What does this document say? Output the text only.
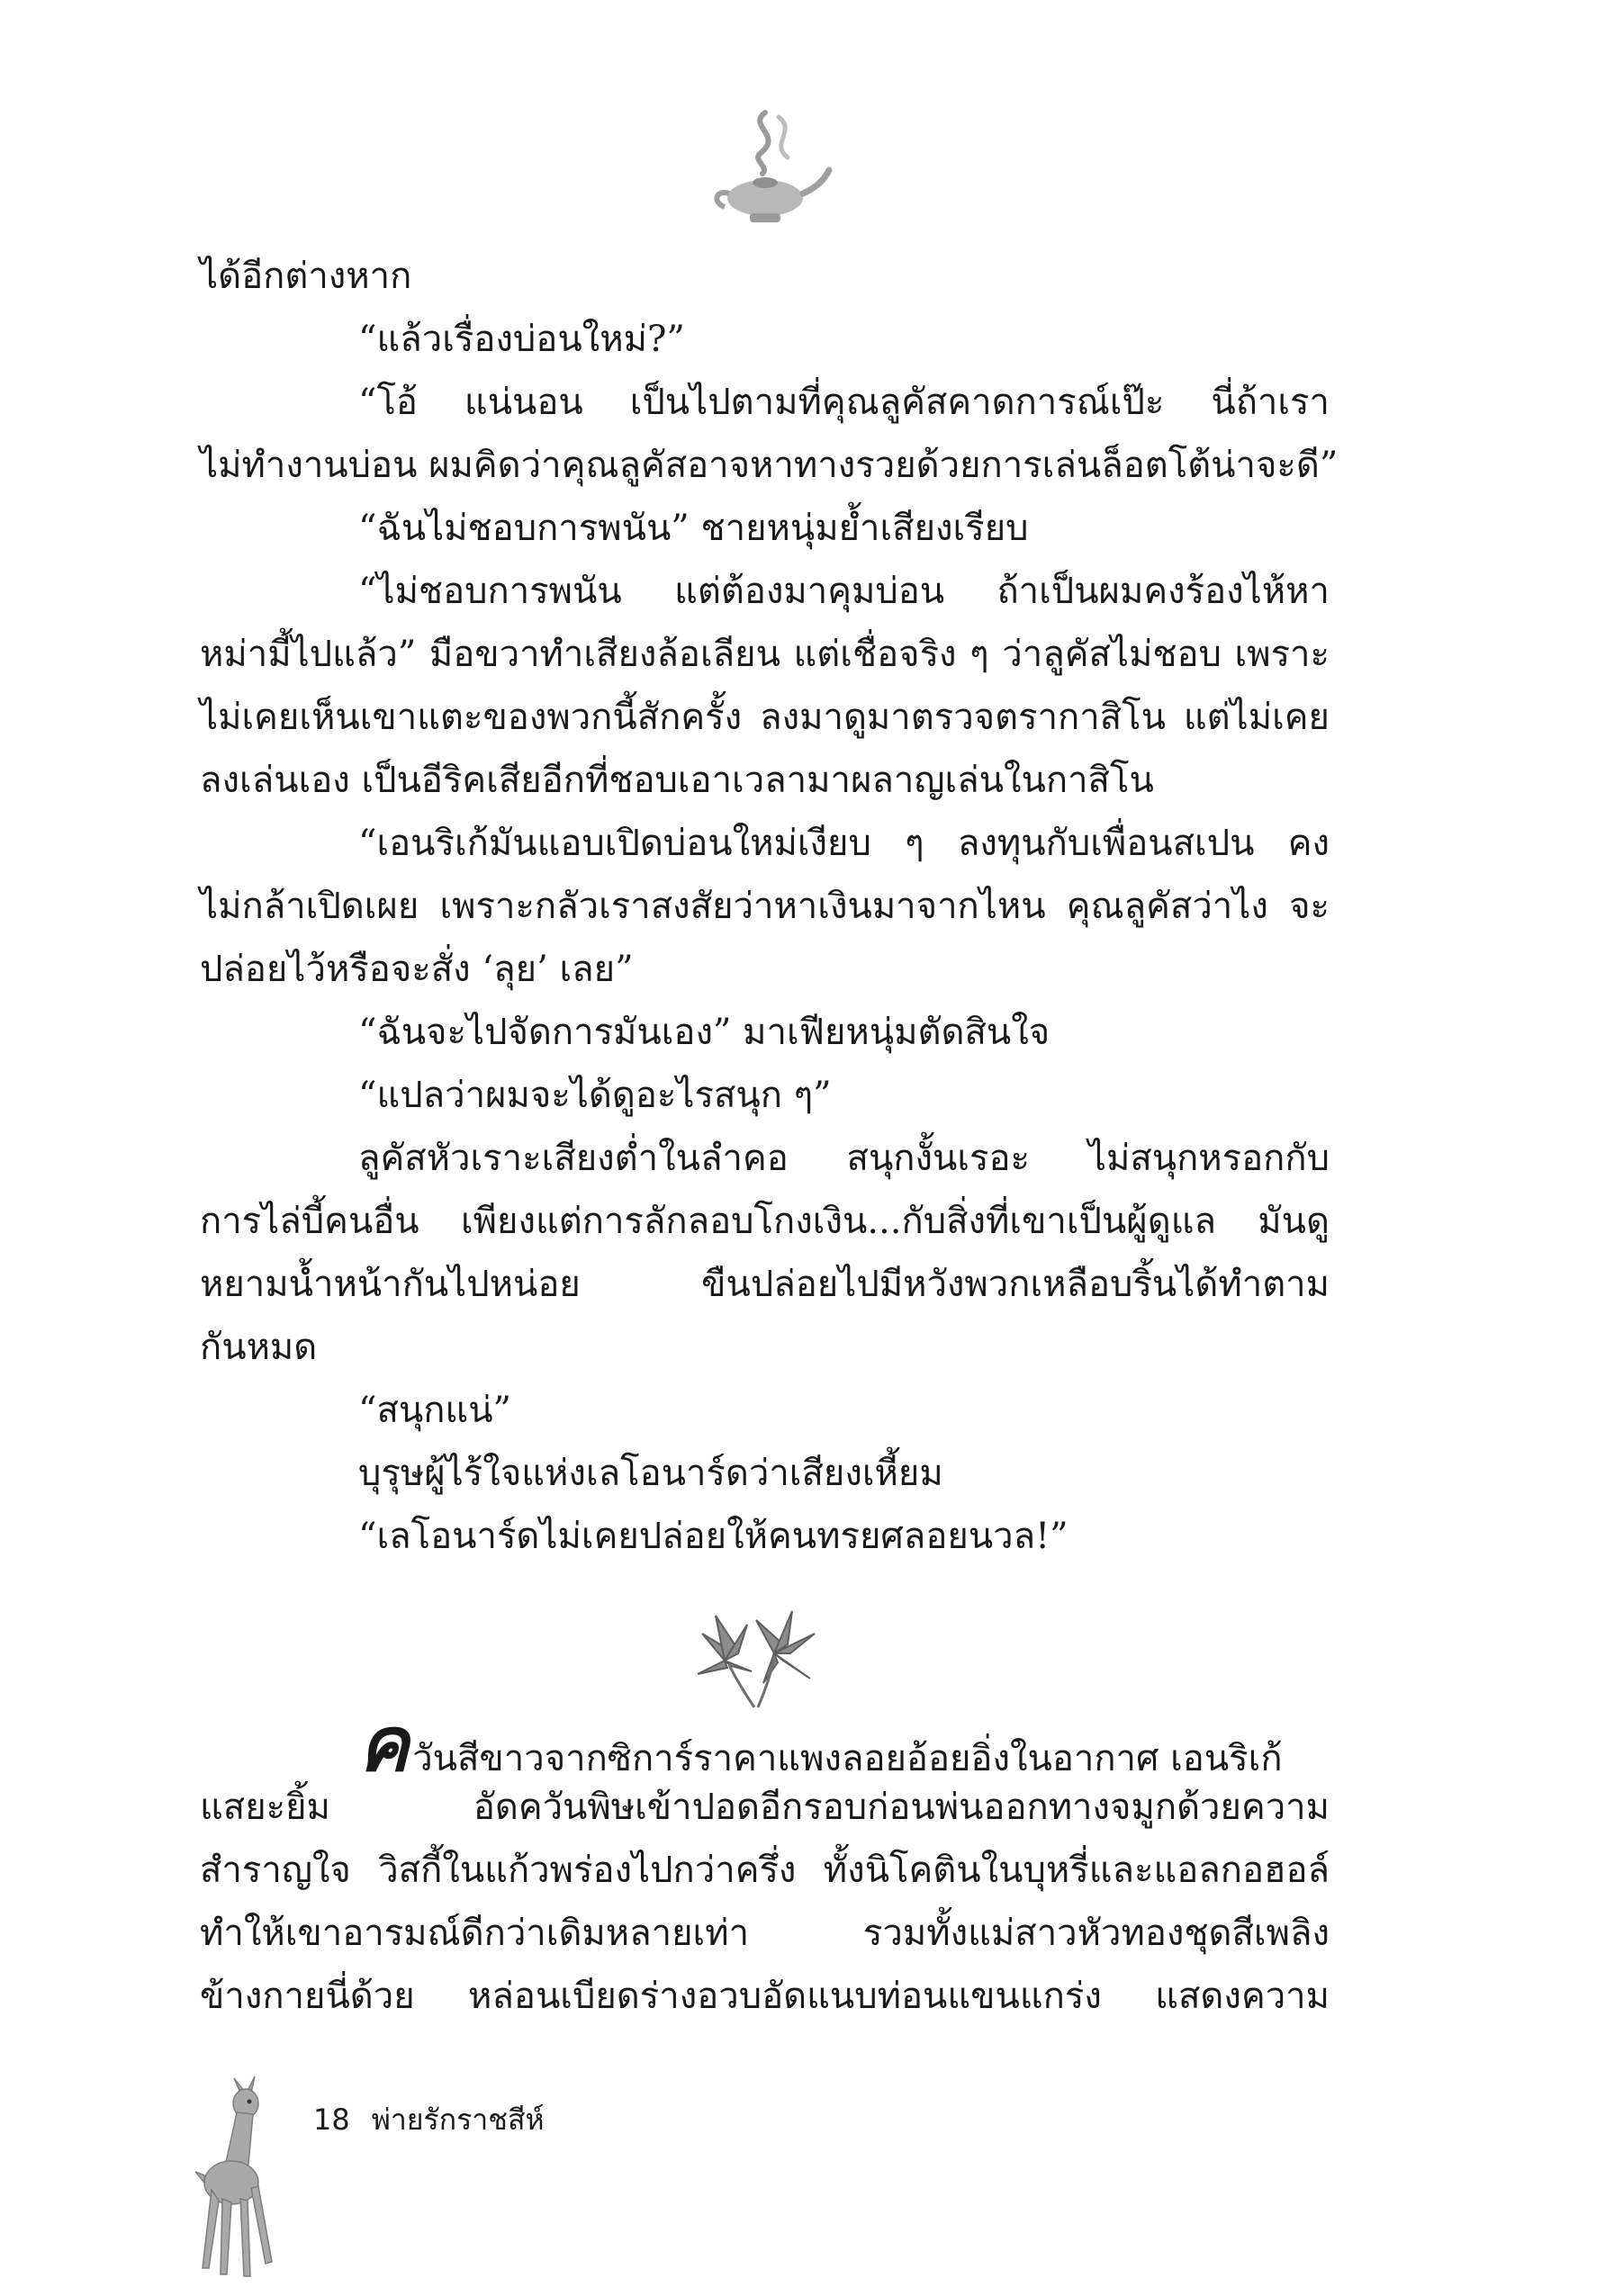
ได้อีกต่างหาก
“แล้วเรื่องบ่อนใหม่?”
“โอ้ แน่นอน เป็นไปตามที่คุณลูคัสคาดการณ์เป๊ะ นี่ถ้าเรา
ไม่ทำงานบ่อน ผมคิดว่าคุณลูคัสอาจหาทางรวยด้วยการเล่นล็อตโต้น่าจะดี”
“ฉันไม่ชอบการพนัน” ชายหนุ่มย้ำเสียงเรียบ
“ไม่ชอบการพนัน แต่ต้องมาคุมบ่อน ถ้าเป็นผมคงร้องไห้หา
หม่ามี้ไปแล้ว” มือขวาทำเสียงล้อเลียน แต่เชื่อจริง ๆ ว่าลูคัสไม่ชอบ เพราะ
ไม่เคยเห็นเขาแตะของพวกนี้สักครั้ง ลงมาดูมาตรวจตรากาสิโน แต่ไม่เคย
ลงเล่นเอง เป็นอีริคเสียอีกที่ชอบเอาเวลามาผลาญเล่นในกาสิโน
“เอนริเก้มันแอบเปิดบ่อนใหม่เงียบ ๆ ลงทุนกับเพื่อนสเปน คง
ไม่กล้าเปิดเผย เพราะกลัวเราสงสัยว่าหาเงินมาจากไหน คุณลูคัสว่าไง จะ
ปล่อยไว้หรือจะสั่ง ‘ลุย’ เลย”
“ฉันจะไปจัดการมันเอง” มาเฟียหนุ่มตัดสินใจ
“แปลว่าผมจะได้ดูอะไรสนุก ๆ”
ลูคัสหัวเราะเสียงต่ำในลำคอ สนุกงั้นเรอะ ไม่สนุกหรอกกับ
การไล่บี้คนอื่น เพียงแต่การลักลอบโกงเงิน...กับสิ่งที่เขาเป็นผู้ดูแล มันดู
หยามน้ำหน้ากันไปหน่อย ขืนปล่อยไปมีหวังพวกเหลือบริ้นได้ทำตาม
กันหมด
“สนุกแน่”
บุรุษผู้ไร้ใจแห่งเลโอนาร์ดว่าเสียงเหี้ยม
“เลโอนาร์ดไม่เคยปล่อยให้คนทรยศลอยนวล!”
ค วันสีขาวจากซิการ์ราคาแพงลอยอ้อยอิ่งในอากาศ เอนริเก้
แสยะยิ้ม อัดควันพิษเข้าปอดอีกรอบก่อนพ่นออกทางจมูกด้วยความ
สำราญใจ วิสกี้ในแก้วพร่องไปกว่าครึ่ง ทั้งนิโคตินในบุหรี่และแอลกอฮอล์
ทำให้เขาอารมณ์ดีกว่าเดิมหลายเท่า รวมทั้งแม่สาวหัวทองชุดสีเพลิง
ข้างกายนี่ด้วย หล่อนเบียดร่างอวบอัดแนบท่อนแขนแกร่ง แสดงความ
18 พ่ายรักราชสีห์
